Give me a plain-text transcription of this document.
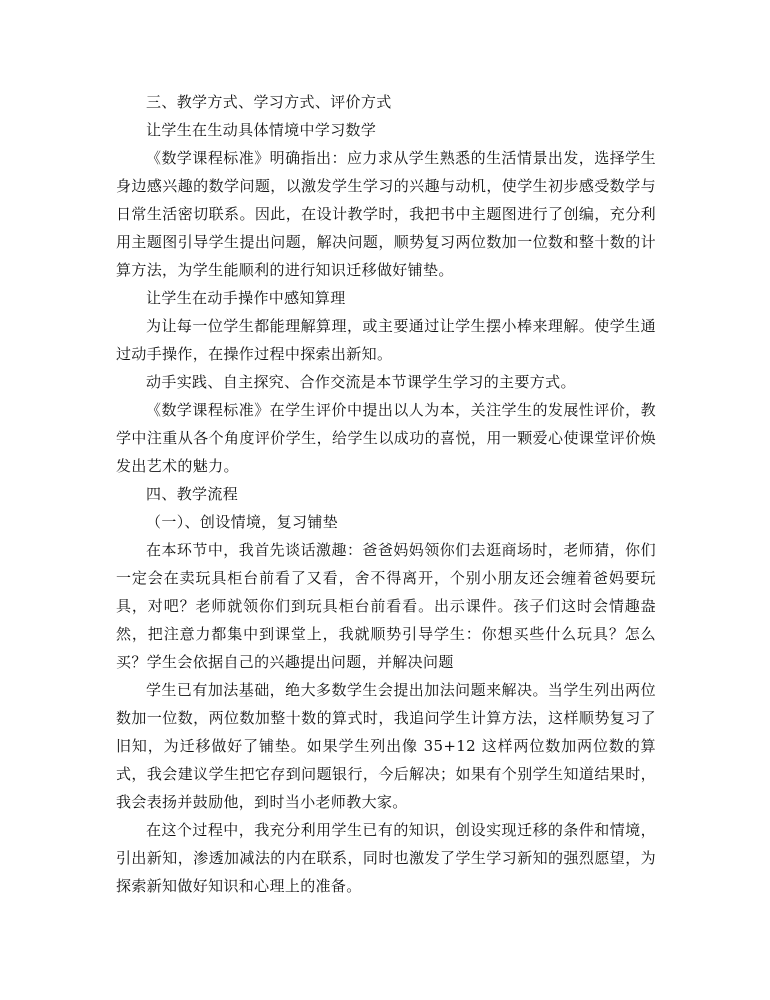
三、教学方式、学习方式、评价方式

让学生在生动具体情境中学习数学

《数学课程标准》明确指出：应力求从学生熟悉的生活情景出发，选择学生身边感兴趣的数学问题，以激发学生学习的兴趣与动机，使学生初步感受数学与日常生活密切联系。因此，在设计教学时，我把书中主题图进行了创编，充分利用主题图引导学生提出问题，解决问题，顺势复习两位数加一位数和整十数的计算方法，为学生能顺利的进行知识迁移做好铺垫。

让学生在动手操作中感知算理

为让每一位学生都能理解算理，或主要通过让学生摆小棒来理解。使学生通过动手操作，在操作过程中探索出新知。

动手实践、自主探究、合作交流是本节课学生学习的主要方式。

《数学课程标准》在学生评价中提出以人为本，关注学生的发展性评价，教学中注重从各个角度评价学生，给学生以成功的喜悦，用一颗爱心使课堂评价焕发出艺术的魅力。

四、教学流程

（一）、创设情境，复习铺垫

在本环节中，我首先谈话激趣：爸爸妈妈领你们去逛商场时，老师猜，你们一定会在卖玩具柜台前看了又看，舍不得离开，个别小朋友还会缠着爸妈要玩具，对吧？老师就领你们到玩具柜台前看看。出示课件。孩子们这时会情趣盎然，把注意力都集中到课堂上，我就顺势引导学生：你想买些什么玩具？怎么买？学生会依据自己的兴趣提出问题，并解决问题

学生已有加法基础，绝大多数学生会提出加法问题来解决。当学生列出两位数加一位数，两位数加整十数的算式时，我追问学生计算方法，这样顺势复习了旧知，为迁移做好了铺垫。如果学生列出像 35+12 这样两位数加两位数的算式，我会建议学生把它存到问题银行，今后解决；如果有个别学生知道结果时，我会表扬并鼓励他，到时当小老师教大家。

在这个过程中，我充分利用学生已有的知识，创设实现迁移的条件和情境，引出新知，渗透加减法的内在联系，同时也激发了学生学习新知的强烈愿望，为探索新知做好知识和心理上的准备。
